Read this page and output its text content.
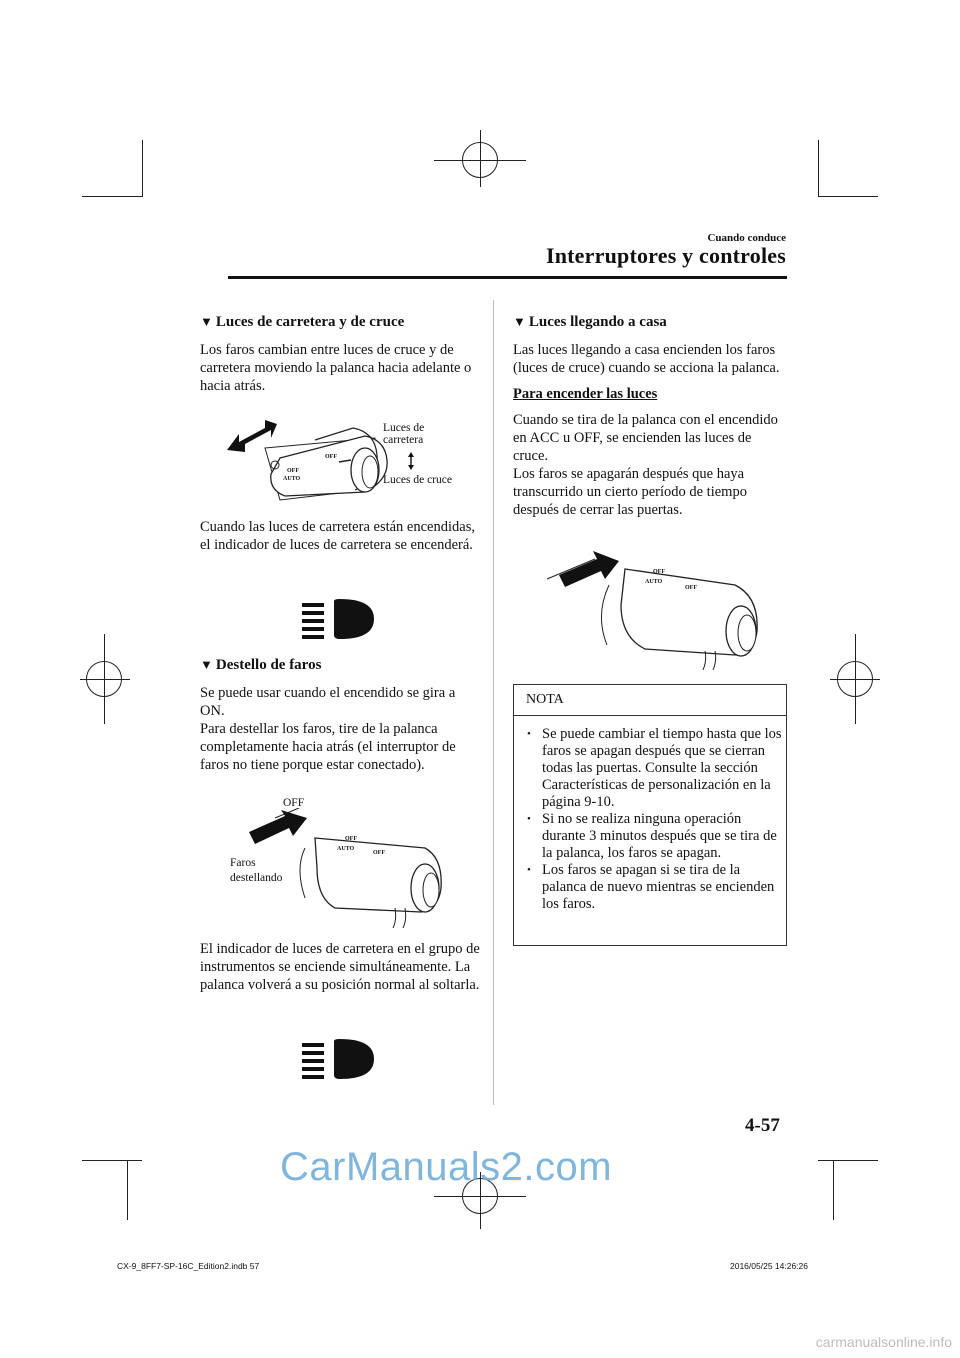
Cuando conduce
Interruptores y controles
▼ Luces de carretera y de cruce

Los faros cambian entre luces de cruce y de carretera moviendo la palanca hacia adelante o hacia atrás.

OFF
AUTO
OFF
Luces de carretera
Luces de cruce

Cuando las luces de carretera están encendidas, el indicador de luces de carretera se encenderá.

▼ Destello de faros

Se puede usar cuando el encendido se gira a ON.

Para destellar los faros, tire de la palanca completamente hacia atrás (el interruptor de faros no tiene porque estar conectado).

OFF
OFF
AUTO
OFF
Faros destellando

El indicador de luces de carretera en el grupo de instrumentos se enciende simultáneamente. La palanca volverá a su posición normal al soltarla.

▼ Luces llegando a casa

Las luces llegando a casa encienden los faros (luces de cruce) cuando se acciona la palanca.

Para encender las luces

Cuando se tira de la palanca con el encendido en ACC u OFF, se encienden las luces de cruce.

Los faros se apagarán después que haya transcurrido un cierto período de tiempo después de cerrar las puertas.

OFF
AUTO
OFF
NOTA
• Se puede cambiar el tiempo hasta que los faros se apagan después que se cierran todas las puertas. Consulte la sección Características de personalización en la página 9-10.
• Si no se realiza ninguna operación durante 3 minutos después que se tira de la palanca, los faros se apagan.
• Los faros se apagan si se tira de la palanca de nuevo mientras se encienden los faros.
4-57
CarManuals2.com
CX-9_8FF7-SP-16C_Edition2.indb 57	2016/05/25 14:26:26
carmanualsonline.info
